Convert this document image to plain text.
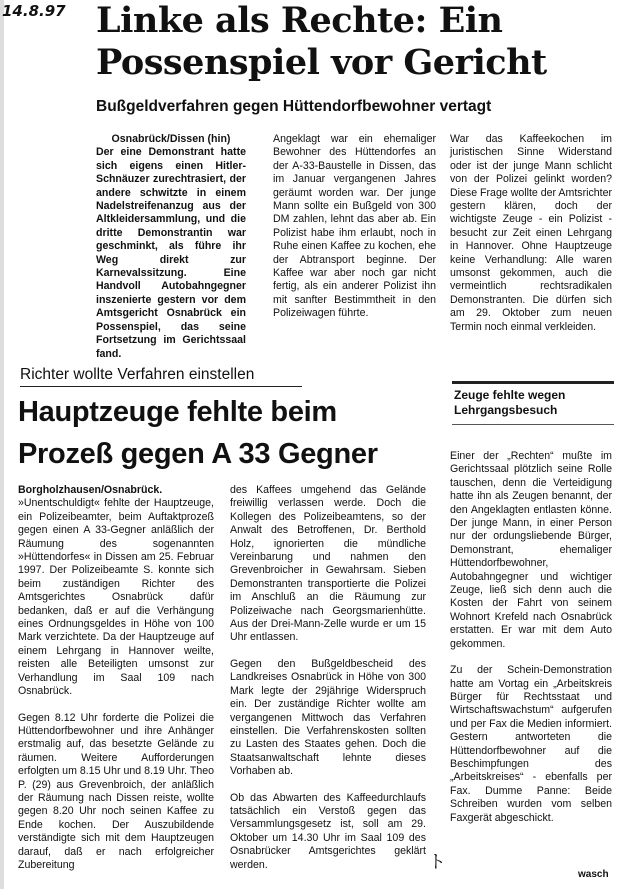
14.8.97 Linke als Rechte: Ein
Possenspiel vor Gericht
Bußgeldverfahren gegen Hüttendorfbewohner vertagt
Osnabrück/Dissen (hin)
Der eine Demonstrant hatte sich eigens einen Hitler-Schnäuzer zurechtrasiert, der andere schwitzte in einem Nadelstreifenanzug aus der Altkleidersammlung, und die dritte Demonstrantin war geschminkt, als führe ihr Weg direkt zur Karnevalssitzung. Eine Handvoll Autobahngegner inszenierte gestern vor dem Amtsgericht Osnabrück ein Possenspiel, das seine Fortsetzung im Gerichtssaal fand.
Angeklagt war ein ehemaliger Bewohner des Hüttendorfes an der A-33-Baustelle in Dissen, das im Januar vergangenen Jahres geräumt worden war. Der junge Mann sollte ein Bußgeld von 300 DM zahlen, lehnt das aber ab. Ein Polizist habe ihm erlaubt, noch in Ruhe einen Kaffee zu kochen, ehe der Abtransport beginne. Der Kaffee war aber noch gar nicht fertig, als ein anderer Polizist ihn mit sanfter Bestimmtheit in den Polizeiwagen führte.
War das Kaffeekochen im juristischen Sinne Widerstand oder ist der junge Mann schlicht von der Polizei gelinkt worden? Diese Frage wollte der Amtsrichter gestern klären, doch der wichtigste Zeuge - ein Polizist - besucht zur Zeit einen Lehrgang in Hannover. Ohne Hauptzeuge keine Verhandlung: Alle waren umsonst gekommen, auch die vermeintlich rechtsradikalen Demonstranten. Die dürfen sich am 29. Oktober zum neuen Termin noch einmal verkleiden.
Richter wollte Verfahren einstellen
Hauptzeuge fehlte beim
Prozeß gegen A 33 Gegner
Zeuge fehlte wegen Lehrgangsbesuch

Borgholzhausen/Osnabrück. »Unentschuldigt« fehlte der Hauptzeuge, ein Polizeibeamter, beim Auftaktprozeß gegen einen A 33-Gegner anläßlich der Räumung des sogenannten »Hüttendorfes« in Dissen am 25. Februar 1997. Der Polizeibeamte S. konnte sich beim zuständigen Richter des Amtsgerichtes Osnabrück dafür bedanken, daß er auf die Verhängung eines Ordnungsgeldes in Höhe von 100 Mark verzichtete. Da der Hauptzeuge auf einem Lehrgang in Hannover weilte, reisten alle Beteiligten umsonst zur Verhandlung im Saal 109 nach Osnabrück.

Gegen 8.12 Uhr forderte die Polizei die Hüttendorfbewohner und ihre Anhänger erstmalig auf, das besetzte Gelände zu räumen. Weitere Aufforderungen erfolgten um 8.15 Uhr und 8.19 Uhr. Theo P. (29) aus Grevenbroich, der anläßlich der Räumung nach Dissen reiste, wollte gegen 8.20 Uhr noch seinen Kaffee zu Ende kochen. Der Auszubildende verständigte sich mit dem Hauptzeugen darauf, daß er nach erfolgreicher Zubereitung

des Kaffees umgehend das Gelände freiwillig verlassen werde. Doch die Kollegen des Polizeibeamtens, so der Anwalt des Betroffenen, Dr. Berthold Holz, ignorierten die mündliche Vereinbarung und nahmen den Grevenbroicher in Gewahrsam. Sieben Demonstranten transportierte die Polizei im Anschluß an die Räumung zur Polizeiwache nach Georgsmarienhütte. Aus der Drei-Mann-Zelle wurde er um 15 Uhr entlassen.

Gegen den Bußgeldbescheid des Landkreises Osnabrück in Höhe von 300 Mark legte der 29jährige Widerspruch ein. Der zuständige Richter wollte am vergangenen Mittwoch das Verfahren einstellen. Die Verfahrenskosten sollten zu Lasten des Staates gehen. Doch die Staatsanwaltschaft lehnte dieses Vorhaben ab.

Ob das Abwarten des Kaffeedurchlaufs tatsächlich ein Verstoß gegen das Versammlungsgesetz ist, soll am 29. Oktober um 14.30 Uhr im Saal 109 des Osnabrücker Amtsgerichtes geklärt werden.

Einer der „Rechten“ mußte im Gerichtssaal plötzlich seine Rolle tauschen, denn die Verteidigung hatte ihn als Zeugen benannt, der den Angeklagten entlasten könne. Der junge Mann, in einer Person nur der ordungsliebende Bürger, Demonstrant, ehemaliger Hüttendorfbewohner, Autobahngegner und wichtiger Zeuge, ließ sich denn auch die Kosten der Fahrt von seinem Wohnort Krefeld nach Osnabrück erstatten. Er war mit dem Auto gekommen.

Zu der Schein-Demonstration hatte am Vortag ein „Arbeitskreis Bürger für Rechtsstaat und Wirtschaftswachstum“ aufgerufen und per Fax die Medien informiert. Gestern antworteten die Hüttendorfbewohner auf die Beschimpfungen des „Arbeitskreises“ - ebenfalls per Fax. Dumme Panne: Beide Schreiben wurden vom selben Faxgerät abgeschickt.

ト
wasch
